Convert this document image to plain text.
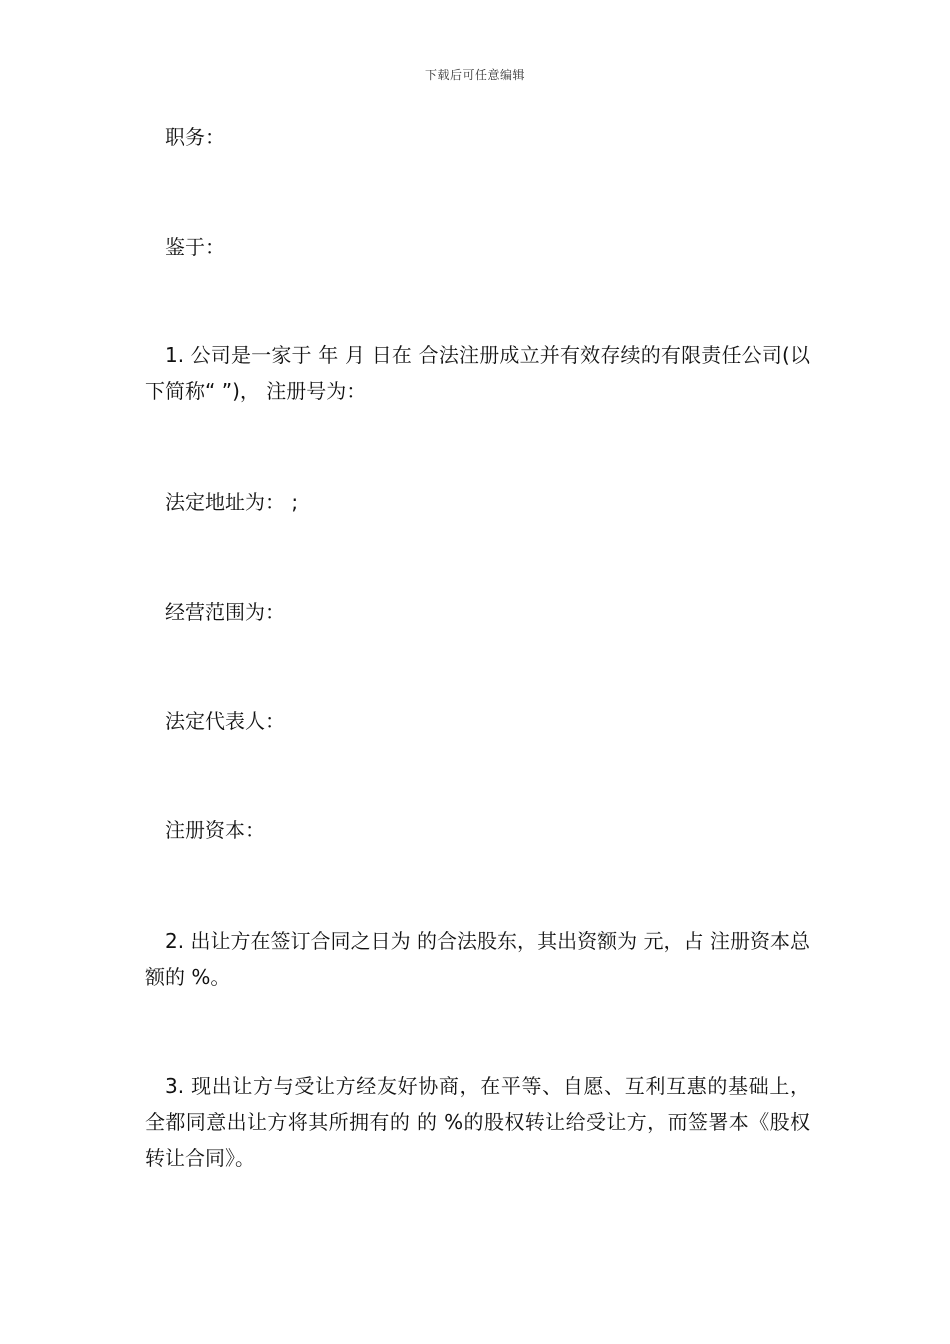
下载后可任意编辑
职务：
鉴于：
1. 公司是一家于 年 月 日在 合法注册成立并有效存续的有限责任公司(以下简称“ ”)， 注册号为：
法定地址为： ;
经营范围为：
法定代表人：
注册资本：
2. 出让方在签订合同之日为 的合法股东，其出资额为 元，占 注册资本总额的 %。
3. 现出让方与受让方经友好协商，在平等、自愿、互利互惠的基础上，全都同意出让方将其所拥有的 的 %的股权转让给受让方，而签署本《股权转让合同》。
